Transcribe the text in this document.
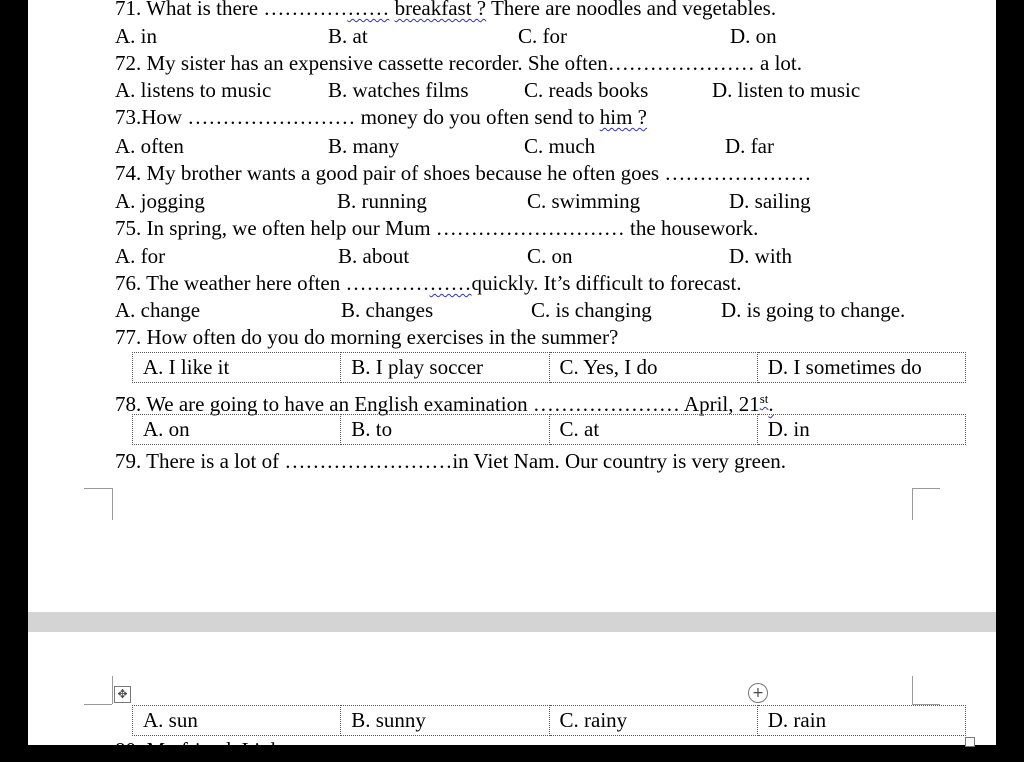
71. What is there ……………… breakfast ? There are noodles and vegetables.
A. in	B. at	C. for	D. on
72. My sister has an expensive cassette recorder. She often………………… a lot.
A. listens to music	B. watches films	C. reads books	D. listen to music
73.How …………………… money do you often send to him ?
A. often	B. many	C. much	D. far
74. My brother wants a good pair of shoes because he often goes …………………
A. jogging	B. running	C. swimming	D. sailing
75. In spring, we often help our Mum ……………………… the housework.
A. for	B. about	C. on	D. with
76. The weather here often ………………quickly. It’s difficult to forecast.
A. change	B. changes	C. is changing	D. is going to change.
77. How often do you do morning exercises in the summer?
A. I like it	B. I play soccer	C. Yes, I do	D. I sometimes do
78. We are going to have an English examination ………………… April, 21st.
A. on	B. to	C. at	D. in
79. There is a lot of ……………………in Viet Nam. Our country is very green.
✥	+
A. sun	B. sunny	C. rainy	D. rain
80. My friend, Linh, ...
